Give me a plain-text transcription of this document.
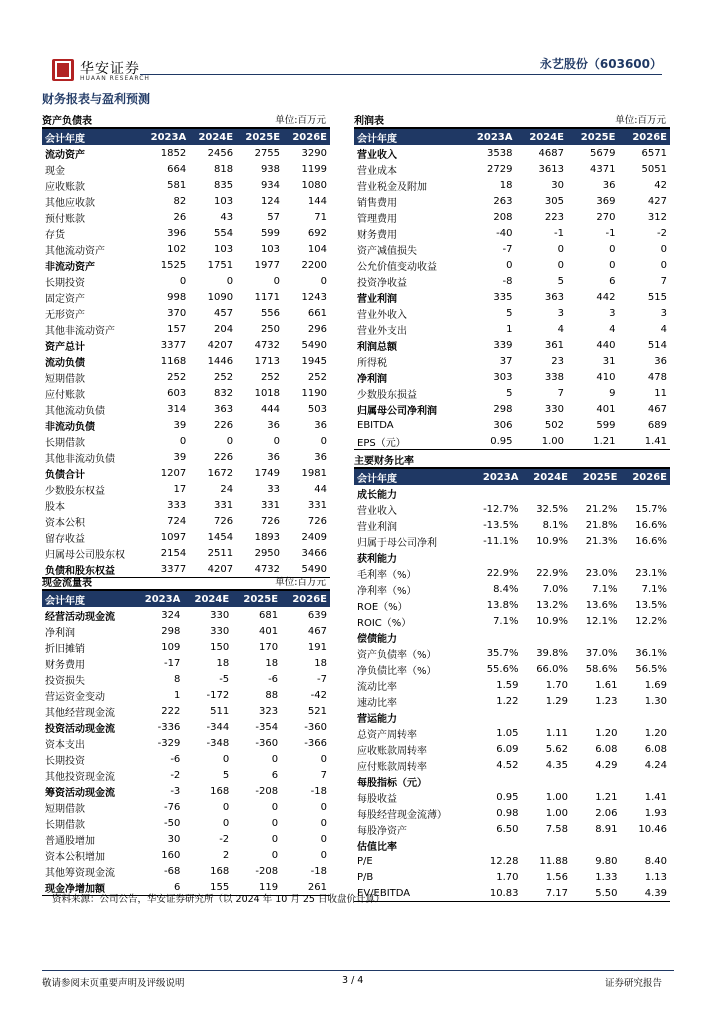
华安证券
HUAAN RESEARCH
永艺股份（603600）
财务报表与盈利预测
资产负债表	单位:百万元
会计年度	2023A	2024E	2025E	2026E
流动资产	1852	2456	2755	3290
现金	664	818	938	1199
应收账款	581	835	934	1080
其他应收款	82	103	124	144
预付账款	26	43	57	71
存货	396	554	599	692
其他流动资产	102	103	103	104
非流动资产	1525	1751	1977	2200
长期投资	0	0	0	0
固定资产	998	1090	1171	1243
无形资产	370	457	556	661
其他非流动资产	157	204	250	296
资产总计	3377	4207	4732	5490
流动负债	1168	1446	1713	1945
短期借款	252	252	252	252
应付账款	603	832	1018	1190
其他流动负债	314	363	444	503
非流动负债	39	226	36	36
长期借款	0	0	0	0
其他非流动负债	39	226	36	36
负债合计	1207	1672	1749	1981
少数股东权益	17	24	33	44
股本	333	331	331	331
资本公积	724	726	726	726
留存收益	1097	1454	1893	2409
归属母公司股东权	2154	2511	2950	3466
负债和股东权益	3377	4207	4732	5490
现金流量表	单位:百万元
会计年度	2023A	2024E	2025E	2026E
经营活动现金流	324	330	681	639
净利润	298	330	401	467
折旧摊销	109	150	170	191
财务费用	-17	18	18	18
投资损失	8	-5	-6	-7
营运资金变动	1	-172	88	-42
其他经营现金流	222	511	323	521
投资活动现金流	-336	-344	-354	-360
资本支出	-329	-348	-360	-366
长期投资	-6	0	0	0
其他投资现金流	-2	5	6	7
筹资活动现金流	-3	168	-208	-18
短期借款	-76	0	0	0
长期借款	-50	0	0	0
普通股增加	30	-2	0	0
资本公积增加	160	2	0	0
其他筹资现金流	-68	168	-208	-18
现金净增加额	6	155	119	261
利润表	单位:百万元
会计年度	2023A	2024E	2025E	2026E
营业收入	3538	4687	5679	6571
营业成本	2729	3613	4371	5051
营业税金及附加	18	30	36	42
销售费用	263	305	369	427
管理费用	208	223	270	312
财务费用	-40	-1	-1	-2
资产减值损失	-7	0	0	0
公允价值变动收益	0	0	0	0
投资净收益	-8	5	6	7
营业利润	335	363	442	515
营业外收入	5	3	3	3
营业外支出	1	4	4	4
利润总额	339	361	440	514
所得税	37	23	31	36
净利润	303	338	410	478
少数股东损益	5	7	9	11
归属母公司净利润	298	330	401	467
EBITDA	306	502	599	689
EPS（元）	0.95	1.00	1.21	1.41
主要财务比率
会计年度	2023A	2024E	2025E	2026E
成长能力				
营业收入	-12.7%	32.5%	21.2%	15.7%
营业利润	-13.5%	8.1%	21.8%	16.6%
归属于母公司净利	-11.1%	10.9%	21.3%	16.6%
获利能力				
毛利率（%）	22.9%	22.9%	23.0%	23.1%
净利率（%）	8.4%	7.0%	7.1%	7.1%
ROE（%）	13.8%	13.2%	13.6%	13.5%
ROIC（%）	7.1%	10.9%	12.1%	12.2%
偿债能力				
资产负债率（%）	35.7%	39.8%	37.0%	36.1%
净负债比率（%）	55.6%	66.0%	58.6%	56.5%
流动比率	1.59	1.70	1.61	1.69
速动比率	1.22	1.29	1.23	1.30
营运能力				
总资产周转率	1.05	1.11	1.20	1.20
应收账款周转率	6.09	5.62	6.08	6.08
应付账款周转率	4.52	4.35	4.29	4.24
每股指标（元）				
每股收益	0.95	1.00	1.21	1.41
每股经营现金流薄）	0.98	1.00	2.06	1.93
每股净资产	6.50	7.58	8.91	10.46
估值比率				
P/E	12.28	11.88	9.80	8.40
P/B	1.70	1.56	1.33	1.13
EV/EBITDA	10.83	7.17	5.50	4.39
资料来源：公司公告，华安证券研究所（以 2024 年 10 月 25 日收盘价计算）
敬请参阅末页重要声明及评级说明	3 / 4	证券研究报告
